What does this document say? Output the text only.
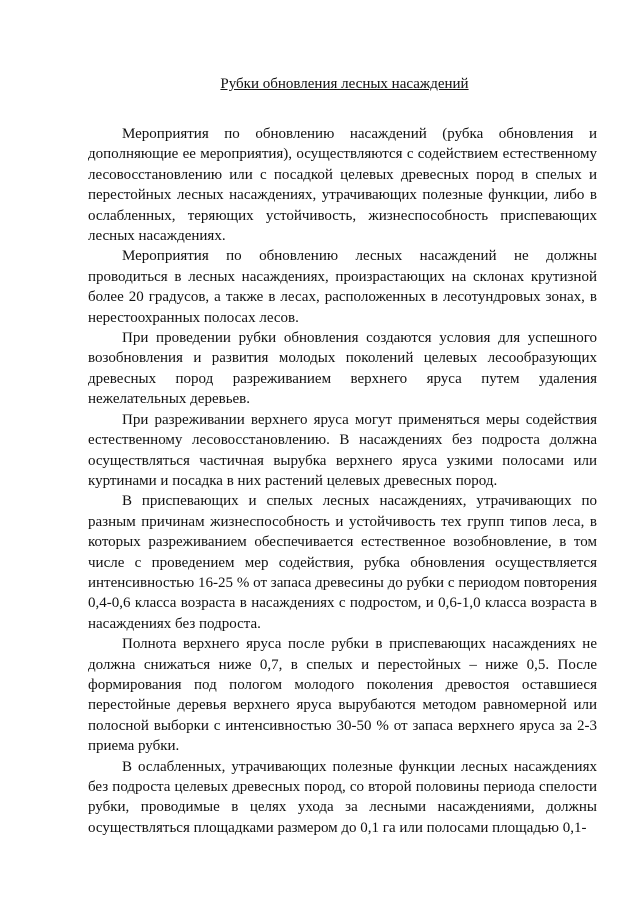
Рубки обновления лесных насаждений

Мероприятия по обновлению насаждений (рубка обновления и дополняющие ее мероприятия), осуществляются с содействием естественному лесовосстановлению или с посадкой целевых древесных пород в спелых и перестойных лесных насаждениях, утрачивающих полезные функции, либо в ослабленных, теряющих устойчивость, жизнеспособность приспевающих лесных насаждениях.

Мероприятия по обновлению лесных насаждений не должны проводиться в лесных насаждениях, произрастающих на склонах крутизной более 20 градусов, а также в лесах, расположенных в лесотундровых зонах, в нерестоохранных полосах лесов.

При проведении рубки обновления создаются условия для успешного возобновления и развития молодых поколений целевых лесообразующих древесных пород разреживанием верхнего яруса путем удаления нежелательных деревьев.

При разреживании верхнего яруса могут применяться меры содействия естественному лесовосстановлению. В насаждениях без подроста должна осуществляться частичная вырубка верхнего яруса узкими полосами или куртинами и посадка в них растений целевых древесных пород.

В приспевающих и спелых лесных насаждениях, утрачивающих по разным причинам жизнеспособность и устойчивость тех групп типов леса, в которых разреживанием обеспечивается естественное возобновление, в том числе с проведением мер содействия, рубка обновления осуществляется интенсивностью 16-25 % от запаса древесины до рубки с периодом повторения 0,4-0,6 класса возраста в насаждениях с подростом, и 0,6-1,0 класса возраста в насаждениях без подроста.

Полнота верхнего яруса после рубки в приспевающих насаждениях не должна снижаться ниже 0,7, в спелых и перестойных – ниже 0,5. После формирования под пологом молодого поколения древостоя оставшиеся перестойные деревья верхнего яруса вырубаются методом равномерной или полосной выборки с интенсивностью 30-50 % от запаса верхнего яруса за 2-3 приема рубки.

В ослабленных, утрачивающих полезные функции лесных насаждениях без подроста целевых древесных пород, со второй половины периода спелости рубки, проводимые в целях ухода за лесными насаждениями, должны осуществляться площадками размером до 0,1 га или полосами площадью 0,1-
